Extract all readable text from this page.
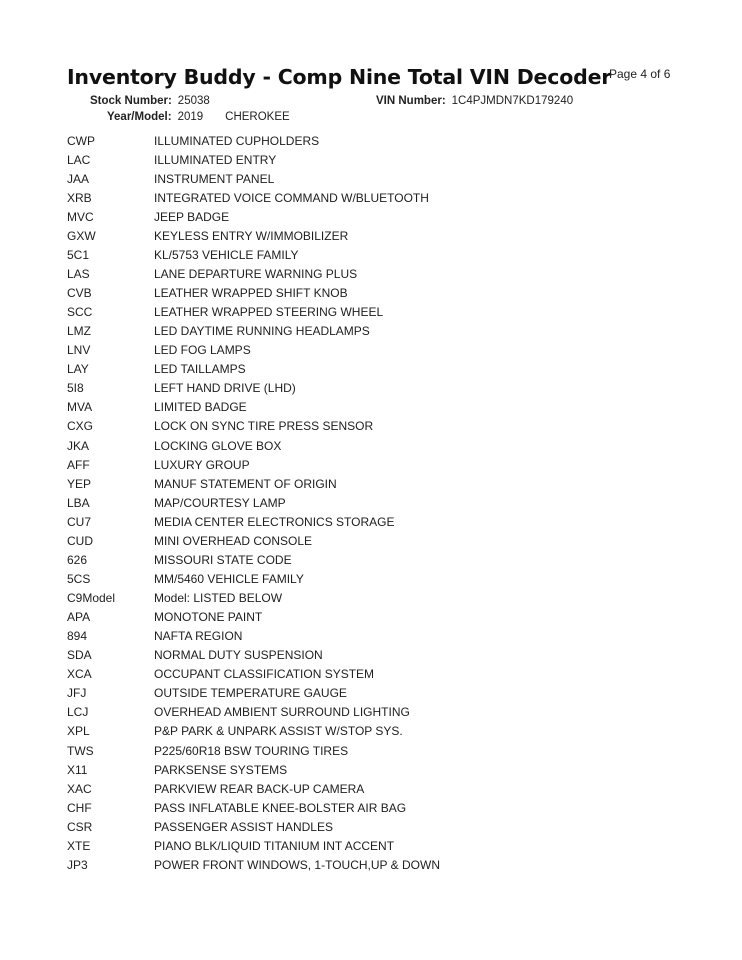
Inventory Buddy - Comp Nine Total VIN Decoder
Page 4 of 6
Stock Number: 25038
Year/Model: 2019 CHEROKEE
VIN Number: 1C4PJMDN7KD179240
CWP	ILLUMINATED CUPHOLDERS
LAC	ILLUMINATED ENTRY
JAA	INSTRUMENT PANEL
XRB	INTEGRATED VOICE COMMAND W/BLUETOOTH
MVC	JEEP BADGE
GXW	KEYLESS ENTRY W/IMMOBILIZER
5C1	KL/5753 VEHICLE FAMILY
LAS	LANE DEPARTURE WARNING PLUS
CVB	LEATHER WRAPPED SHIFT KNOB
SCC	LEATHER WRAPPED STEERING WHEEL
LMZ	LED DAYTIME RUNNING HEADLAMPS
LNV	LED FOG LAMPS
LAY	LED TAILLAMPS
5I8	LEFT HAND DRIVE (LHD)
MVA	LIMITED BADGE
CXG	LOCK ON SYNC TIRE PRESS SENSOR
JKA	LOCKING GLOVE BOX
AFF	LUXURY GROUP
YEP	MANUF STATEMENT OF ORIGIN
LBA	MAP/COURTESY LAMP
CU7	MEDIA CENTER ELECTRONICS STORAGE
CUD	MINI OVERHEAD CONSOLE
626	MISSOURI STATE CODE
5CS	MM/5460 VEHICLE FAMILY
C9Model	Model: LISTED BELOW
APA	MONOTONE PAINT
894	NAFTA REGION
SDA	NORMAL DUTY SUSPENSION
XCA	OCCUPANT CLASSIFICATION SYSTEM
JFJ	OUTSIDE TEMPERATURE GAUGE
LCJ	OVERHEAD AMBIENT SURROUND LIGHTING
XPL	P&P PARK & UNPARK ASSIST W/STOP SYS.
TWS	P225/60R18 BSW TOURING TIRES
X11	PARKSENSE SYSTEMS
XAC	PARKVIEW REAR BACK-UP CAMERA
CHF	PASS INFLATABLE KNEE-BOLSTER AIR BAG
CSR	PASSENGER ASSIST HANDLES
XTE	PIANO BLK/LIQUID TITANIUM INT ACCENT
JP3	POWER FRONT WINDOWS, 1-TOUCH,UP & DOWN
